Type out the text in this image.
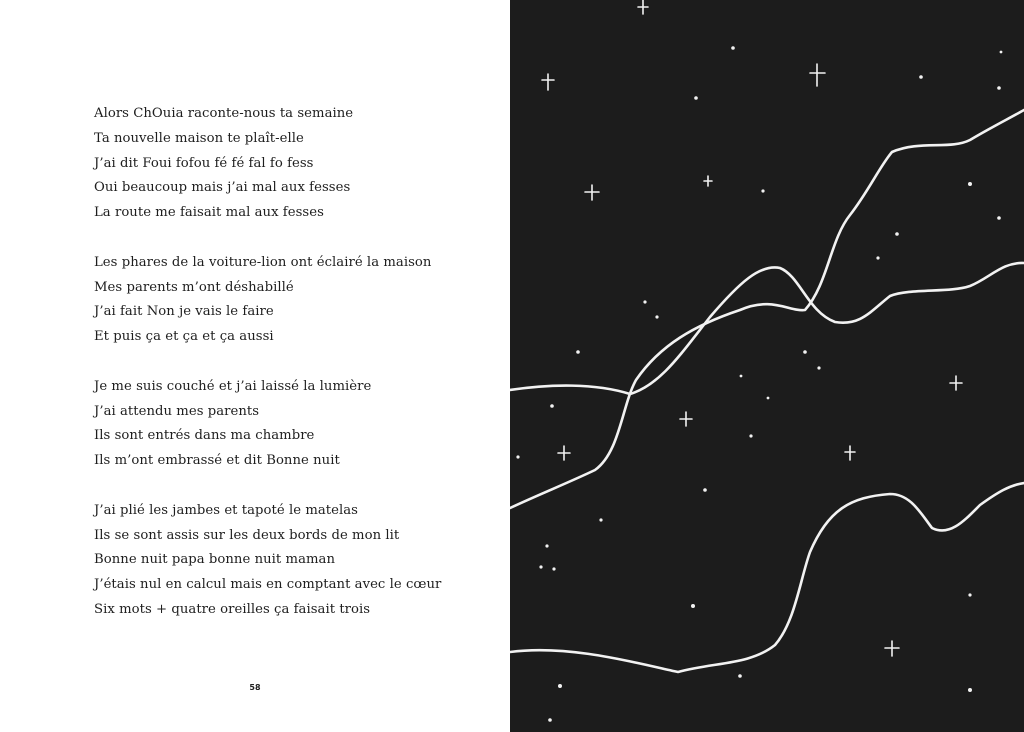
Alors ChOuia raconte-nous ta semaine
Ta nouvelle maison te plaît-elle
J’ai dit Foui fofou fé fé fal fo fess
Oui beaucoup mais j’ai mal aux fesses
La route me faisait mal aux fesses
Les phares de la voiture-lion ont éclairé la maison
Mes parents m’ont déshabillé
J’ai fait Non je vais le faire
Et puis ça et ça et ça aussi
Je me suis couché et j’ai laissé la lumière
J’ai attendu mes parents
Ils sont entrés dans ma chambre
Ils m’ont embrassé et dit Bonne nuit
J’ai plié les jambes et tapoté le matelas
Ils se sont assis sur les deux bords de mon lit
Bonne nuit papa bonne nuit maman
J’étais nul en calcul mais en comptant avec le cœur
Six mots + quatre oreilles ça faisait trois
58
